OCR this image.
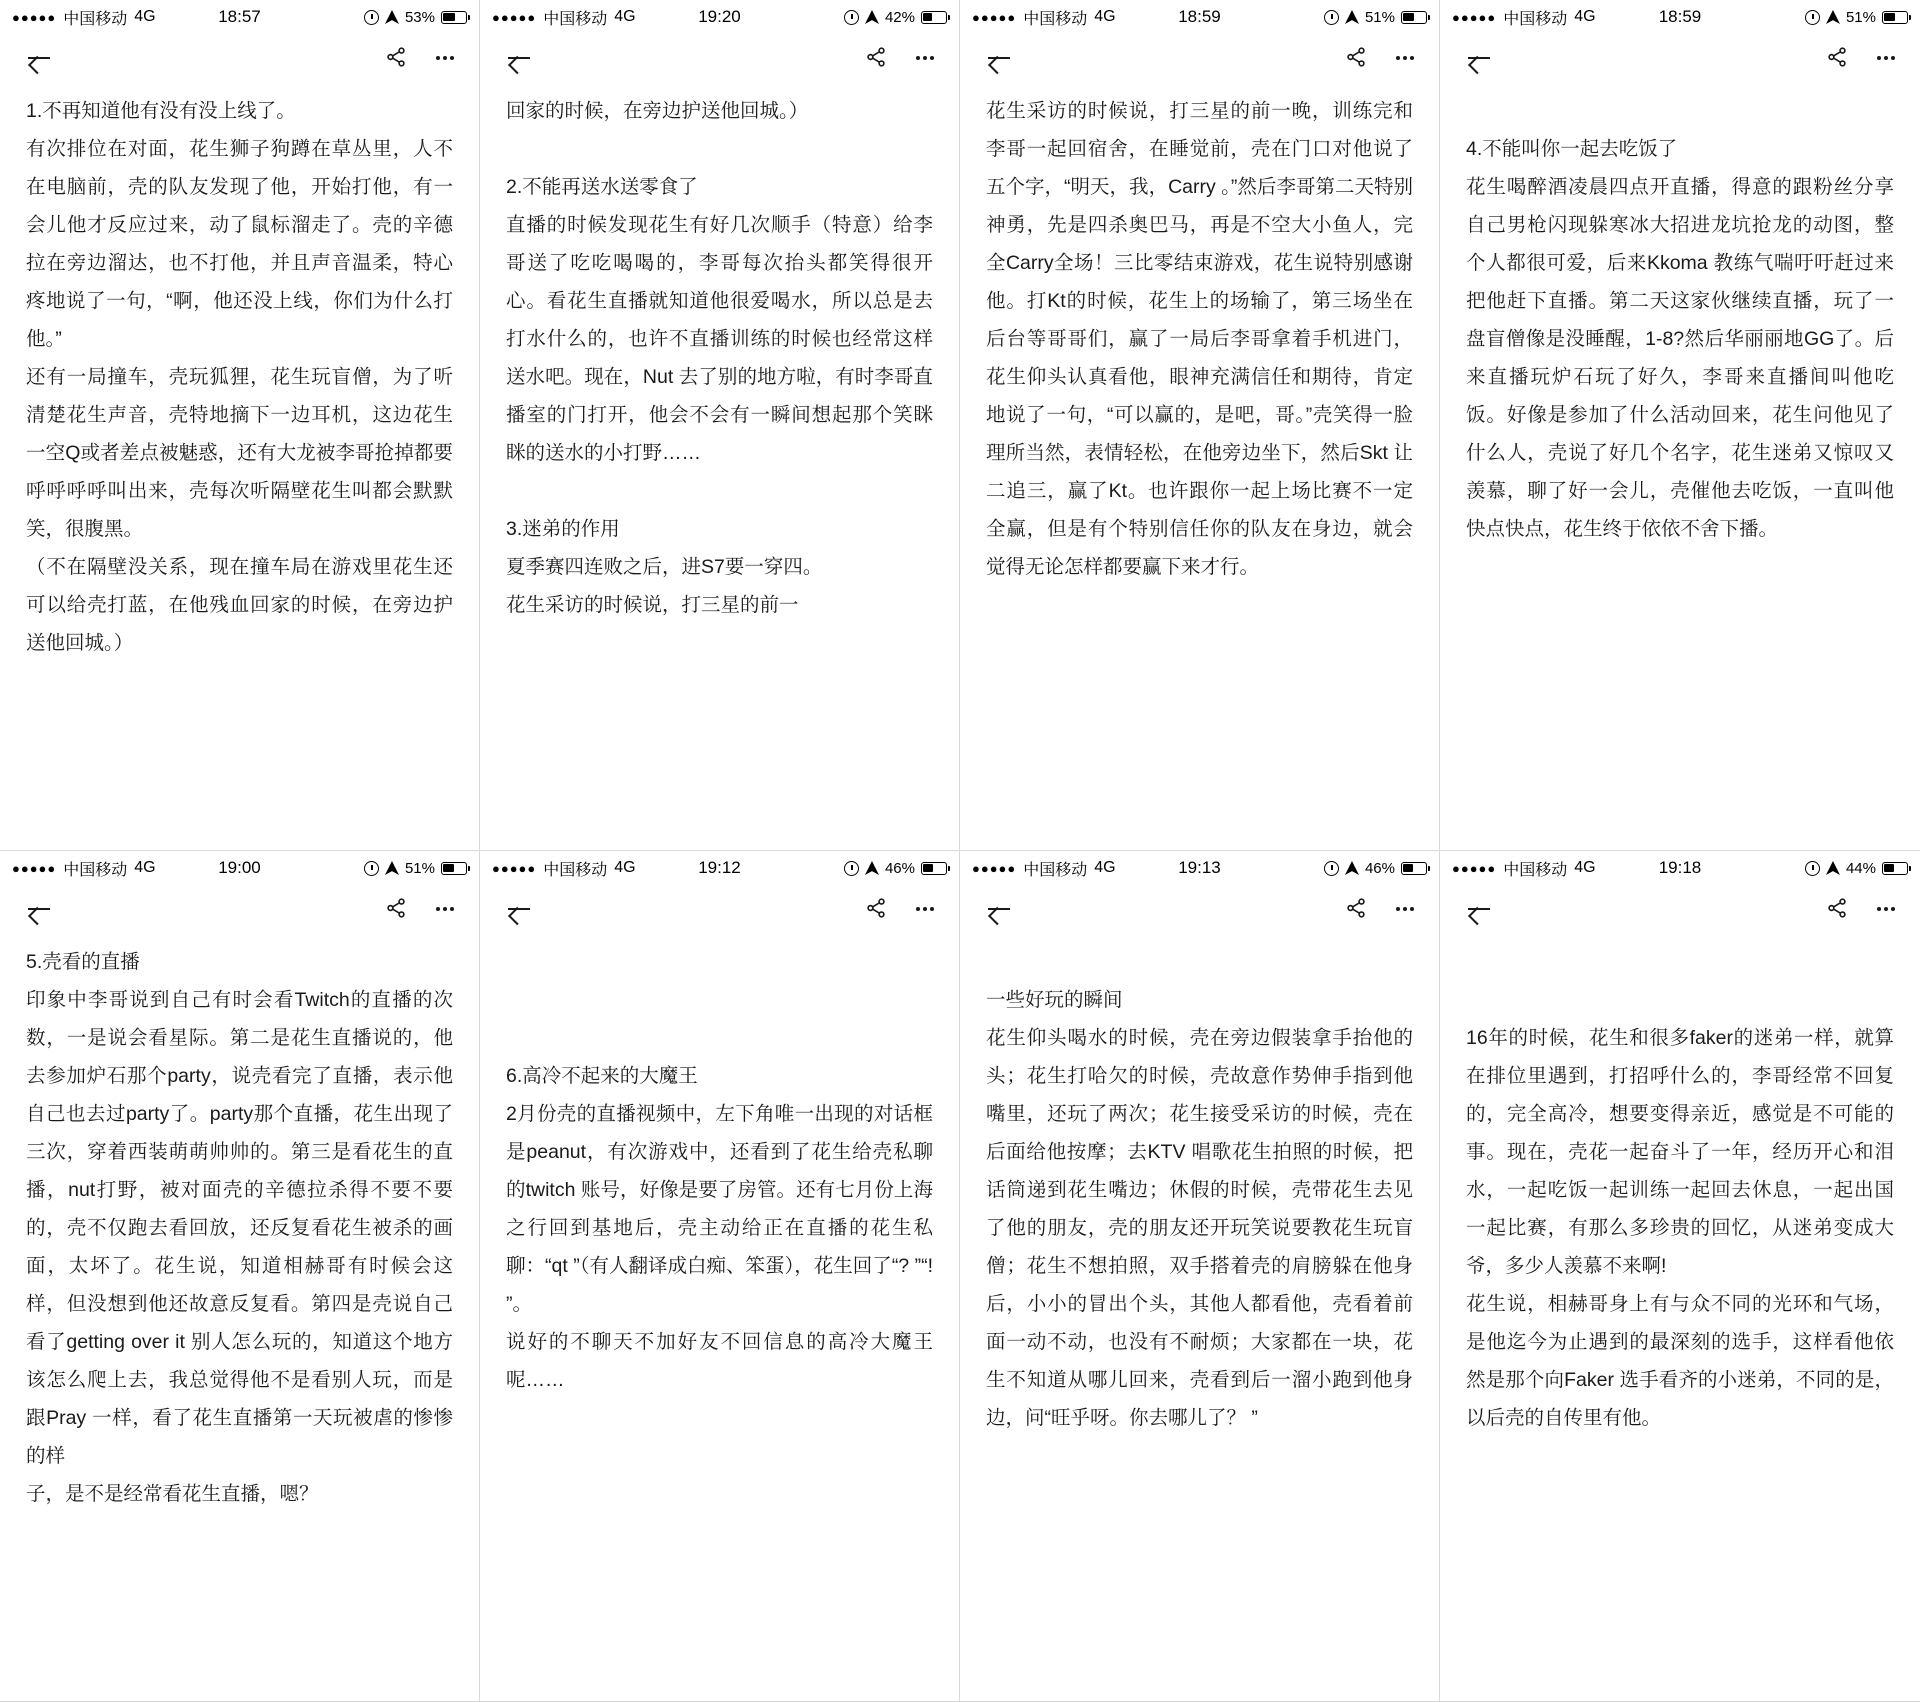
●●●●● 中国移动 4G	18:57	53%

1.不再知道他有没有没上线了。

有次排位在对面，花生狮子狗蹲在草丛里，人不在电脑前，壳的队友发现了他，开始打他，有一会儿他才反应过来，动了鼠标溜走了。壳的辛德拉在旁边溜达，也不打他，并且声音温柔，特心疼地说了一句，“啊，他还没上线，你们为什么打他。”

还有一局撞车，壳玩狐狸，花生玩盲僧，为了听清楚花生声音，壳特地摘下一边耳机，这边花生一空Q或者差点被魅惑，还有大龙被李哥抢掉都要呼呼呼呼叫出来，壳每次听隔壁花生叫都会默默笑，很腹黑。

（不在隔壁没关系，现在撞车局在游戏里花生还可以给壳打蓝，在他残血回家的时候，在旁边护送他回城。）

●●●●● 中国移动 4G	19:20	42%

回家的时候，在旁边护送他回城。）

2.不能再送水送零食了

直播的时候发现花生有好几次顺手（特意）给李哥送了吃吃喝喝的，李哥每次抬头都笑得很开心。看花生直播就知道他很爱喝水，所以总是去打水什么的，也许不直播训练的时候也经常这样送水吧。现在，Nut 去了别的地方啦，有时李哥直播室的门打开，他会不会有一瞬间想起那个笑眯眯的送水的小打野……

3.迷弟的作用

夏季赛四连败之后，进S7要一穿四。

花生采访的时候说，打三星的前一

●●●●● 中国移动 4G	18:59	51%

花生采访的时候说，打三星的前一晚，训练完和李哥一起回宿舍，在睡觉前，壳在门口对他说了五个字，“明天，我，Carry 。”然后李哥第二天特别神勇，先是四杀奥巴马，再是不空大小鱼人，完全Carry全场！三比零结束游戏，花生说特别感谢他。打Kt的时候，花生上的场输了，第三场坐在后台等哥哥们，赢了一局后李哥拿着手机进门，花生仰头认真看他，眼神充满信任和期待，肯定地说了一句，“可以赢的，是吧，哥。”壳笑得一脸理所当然，表情轻松，在他旁边坐下，然后Skt 让二追三，赢了Kt。也许跟你一起上场比赛不一定全赢，但是有个特别信任你的队友在身边，就会觉得无论怎样都要赢下来才行。

●●●●● 中国移动 4G	18:59	51%

4.不能叫你一起去吃饭了

花生喝醉酒凌晨四点开直播，得意的跟粉丝分享自己男枪闪现躲寒冰大招进龙坑抢龙的动图，整个人都很可爱，后来Kkoma 教练气喘吁吁赶过来把他赶下直播。第二天这家伙继续直播，玩了一盘盲僧像是没睡醒，1-8?然后华丽丽地GG了。后来直播玩炉石玩了好久，李哥来直播间叫他吃饭。好像是参加了什么活动回来，花生问他见了什么人，壳说了好几个名字，花生迷弟又惊叹又羡慕，聊了好一会儿，壳催他去吃饭，一直叫他快点快点，花生终于依依不舍下播。

●●●●● 中国移动 4G	19:00	51%

5.壳看的直播

印象中李哥说到自己有时会看Twitch的直播的次数，一是说会看星际。第二是花生直播说的，他去参加炉石那个party，说壳看完了直播，表示他自己也去过party了。party那个直播，花生出现了三次，穿着西装萌萌帅帅的。第三是看花生的直播，nut打野，被对面壳的辛德拉杀得不要不要的，壳不仅跑去看回放，还反复看花生被杀的画面，太坏了。花生说，知道相赫哥有时候会这样，但没想到他还故意反复看。第四是壳说自己看了getting over it 别人怎么玩的，知道这个地方该怎么爬上去，我总觉得他不是看别人玩，而是跟Pray 一样，看了花生直播第一天玩被虐的惨惨的样

子，是不是经常看花生直播，嗯？

●●●●● 中国移动 4G	19:12	46%

6.高冷不起来的大魔王

2月份壳的直播视频中，左下角唯一出现的对话框是peanut，有次游戏中，还看到了花生给壳私聊的twitch 账号，好像是要了房管。还有七月份上海之行回到基地后，壳主动给正在直播的花生私聊：“qt ”（有人翻译成白痴、笨蛋），花生回了“? ”“! ”。

说好的不聊天不加好友不回信息的高冷大魔王呢……

●●●●● 中国移动 4G	19:13	46%

一些好玩的瞬间

花生仰头喝水的时候，壳在旁边假装拿手抬他的头；花生打哈欠的时候，壳故意作势伸手指到他嘴里，还玩了两次；花生接受采访的时候，壳在后面给他按摩；去KTV 唱歌花生拍照的时候，把话筒递到花生嘴边；休假的时候，壳带花生去见了他的朋友，壳的朋友还开玩笑说要教花生玩盲僧；花生不想拍照，双手搭着壳的肩膀躲在他身后，小小的冒出个头，其他人都看他，壳看着前面一动不动，也没有不耐烦；大家都在一块，花生不知道从哪儿回来，壳看到后一溜小跑到他身边，问“旺乎呀。你去哪儿了？ ”

●●●●● 中国移动 4G	19:18	44%

16年的时候，花生和很多faker的迷弟一样，就算在排位里遇到，打招呼什么的，李哥经常不回复的，完全高冷，想要变得亲近，感觉是不可能的事。现在，壳花一起奋斗了一年，经历开心和泪水，一起吃饭一起训练一起回去休息，一起出国一起比赛，有那么多珍贵的回忆，从迷弟变成大爷，多少人羡慕不来啊!

花生说，相赫哥身上有与众不同的光环和气场，是他迄今为止遇到的最深刻的选手，这样看他依然是那个向Faker 选手看齐的小迷弟，不同的是，以后壳的自传里有他。
